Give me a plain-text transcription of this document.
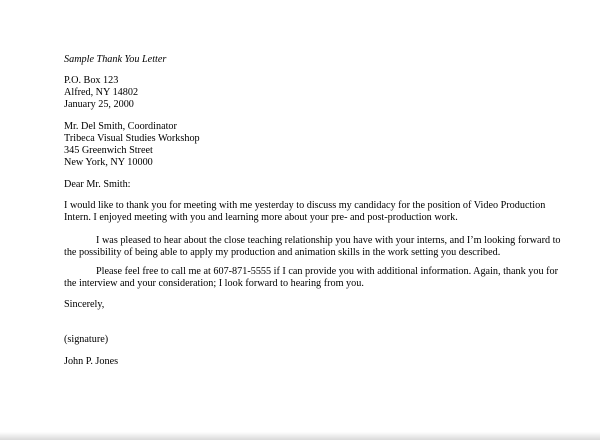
Sample Thank You Letter
P.O. Box 123
Alfred, NY 14802
January 25, 2000
Mr. Del Smith, Coordinator
Tribeca Visual Studies Workshop
345 Greenwich Street
New York, NY 10000
Dear Mr. Smith:
I would like to thank you for meeting with me yesterday to discuss my candidacy for the position of Video Production
Intern. I enjoyed meeting with you and learning more about your pre- and post-production work.
I was pleased to hear about the close teaching relationship you have with your interns, and I’m looking forward to
the possibility of being able to apply my production and animation skills in the work setting you described.
Please feel free to call me at 607-871-5555 if I can provide you with additional information. Again, thank you for
the interview and your consideration; I look forward to hearing from you.
Sincerely,
(signature)
John P. Jones
